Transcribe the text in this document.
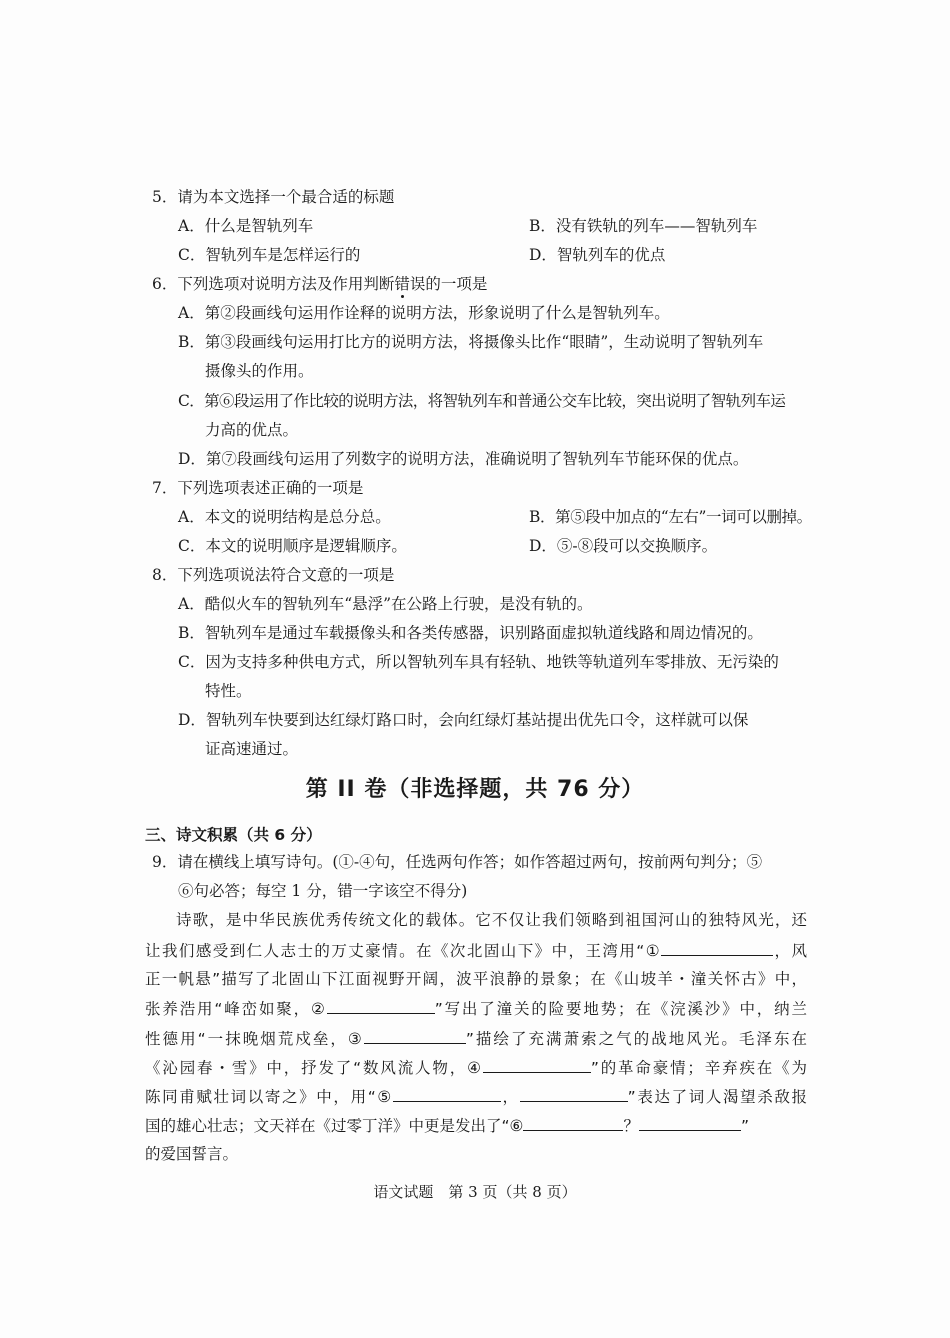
5．请为本文选择一个最合适的标题
A．什么是智轨列车	B．没有铁轨的列车——智轨列车
C．智轨列车是怎样运行的	D．智轨列车的优点
6．下列选项对说明方法及作用判断错误的一项是
A．第②段画线句运用作诠释的说明方法，形象说明了什么是智轨列车。
B．第③段画线句运用打比方的说明方法，将摄像头比作“眼睛”，生动说明了智轨列车
摄像头的作用。
C．第⑥段运用了作比较的说明方法，将智轨列车和普通公交车比较，突出说明了智轨列车运
力高的优点。
D．第⑦段画线句运用了列数字的说明方法，准确说明了智轨列车节能环保的优点。
7．下列选项表述正确的一项是
A．本文的说明结构是总分总。	B．第⑤段中加点的“左右”一词可以删掉。
C．本文的说明顺序是逻辑顺序。	D．⑤-⑧段可以交换顺序。
8．下列选项说法符合文意的一项是
A．酷似火车的智轨列车“悬浮”在公路上行驶，是没有轨的。
B．智轨列车是通过车载摄像头和各类传感器，识别路面虚拟轨道线路和周边情况的。
C．因为支持多种供电方式，所以智轨列车具有轻轨、地铁等轨道列车零排放、无污染的
特性。
D．智轨列车快要到达红绿灯路口时，会向红绿灯基站提出优先口令，这样就可以保
证高速通过。
第 II 卷（非选择题，共 76 分）
三、诗文积累（共 6 分）
9．请在横线上填写诗句。(①-④句，任选两句作答；如作答超过两句，按前两句判分；⑤
⑥句必答；每空 1 分，错一字该空不得分)
诗歌，是中华民族优秀传统文化的载体。它不仅让我们领略到祖国河山的独特风光，还
让我们感受到仁人志士的万丈豪情。在《次北固山下》中，王湾用“①	，风
正一帆悬”描写了北固山下江面视野开阔，波平浪静的景象；在《山坡羊・潼关怀古》中，
张养浩用“峰峦如聚，②	”写出了潼关的险要地势；在《浣溪沙》中，纳兰
性德用“一抹晚烟荒戍垒，③	”描绘了充满萧索之气的战地风光。毛泽东在
《沁园春・雪》中，抒发了“数风流人物，④	”的革命豪情；辛弃疾在《为
陈同甫赋壮词以寄之》中，用“⑤	，	”表达了词人渴望杀敌报
国的雄心壮志；文天祥在《过零丁洋》中更是发出了“⑥	？	”
的爱国誓言。
语文试题　第 3 页（共 8 页）
